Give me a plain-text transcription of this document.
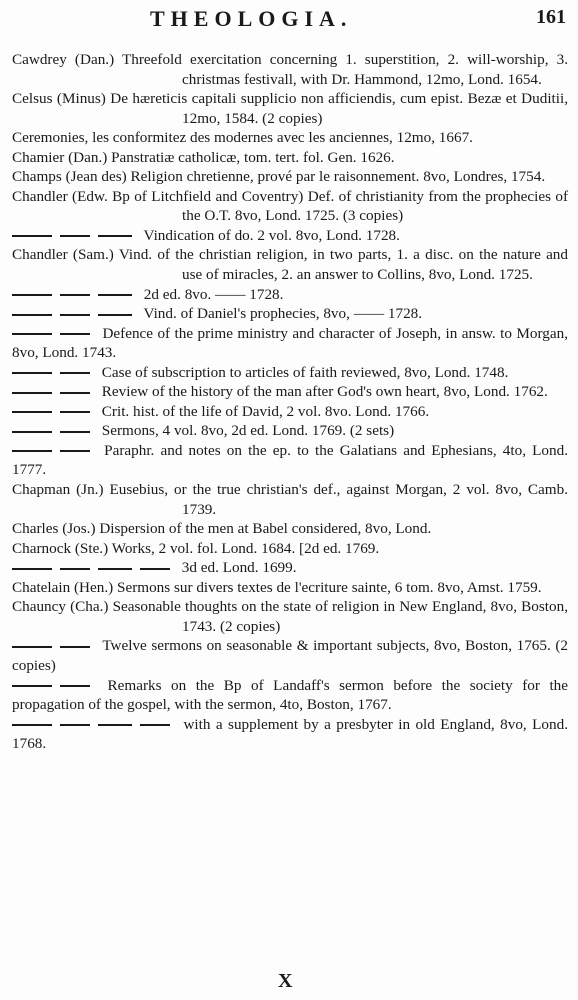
THEOLOGIA.	161

Cawdrey (Dan.) Threefold exercitation concerning 1. superstition, 2. will-worship, 3. christmas festivall, with Dr. Hammond, 12mo, Lond. 1654.

Celsus (Minus) De hæreticis capitali supplicio non afficiendis, cum epist. Bezæ et Duditii, 12mo, 1584. (2 copies)

Ceremonies, les conformitez des modernes avec les anciennes, 12mo, 1667.

Chamier (Dan.) Panstratiæ catholicæ, tom. tert. fol. Gen. 1626.

Champs (Jean des) Religion chretienne, prové par le raisonnement. 8vo, Londres, 1754.

Chandler (Edw. Bp of Litchfield and Coventry) Def. of christianity from the prophecies of the O.T. 8vo, Lond. 1725. (3 copies)

Vindication of do. 2 vol. 8vo, Lond. 1728.

Chandler (Sam.) Vind. of the christian religion, in two parts, 1. a disc. on the nature and use of miracles, 2. an answer to Collins, 8vo, Lond. 1725.

2d ed. 8vo. —— 1728.

Vind. of Daniel's prophecies, 8vo, —— 1728.

Defence of the prime ministry and character of Joseph, in answ. to Morgan, 8vo, Lond. 1743.

Case of subscription to articles of faith reviewed, 8vo, Lond. 1748.

Review of the history of the man after God's own heart, 8vo, Lond. 1762.

Crit. hist. of the life of David, 2 vol. 8vo. Lond. 1766.

Sermons, 4 vol. 8vo, 2d ed. Lond. 1769. (2 sets)

Paraphr. and notes on the ep. to the Galatians and Ephesians, 4to, Lond. 1777.

Chapman (Jn.) Eusebius, or the true christian's def., against Morgan, 2 vol. 8vo, Camb. 1739.

Charles (Jos.) Dispersion of the men at Babel considered, 8vo, Lond.

Charnock (Ste.) Works, 2 vol. fol. Lond. 1684. [2d ed. 1769.

3d ed. Lond. 1699.

Chatelain (Hen.) Sermons sur divers textes de l'ecriture sainte, 6 tom. 8vo, Amst. 1759.

Chauncy (Cha.) Seasonable thoughts on the state of religion in New England, 8vo, Boston, 1743. (2 copies)

Twelve sermons on seasonable & important subjects, 8vo, Boston, 1765. (2 copies)

Remarks on the Bp of Landaff's sermon before the society for the propagation of the gospel, with the sermon, 4to, Boston, 1767.

with a supplement by a presbyter in old England, 8vo, Lond. 1768.

X
